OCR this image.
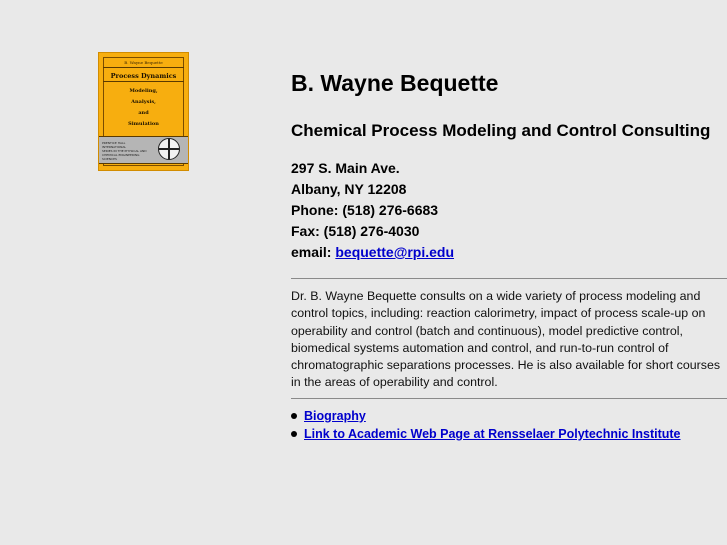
B. Wayne Bequette
Process Dynamics
Modeling,
Analysis,
and
Simulation
PRENTICE HALL INTERNATIONAL
SERIES IN THE PHYSICAL AND
CHEMICAL ENGINEERING SCIENCES
B. Wayne Bequette
Chemical Process Modeling and Control Consulting
297 S. Main Ave.
Albany, NY 12208
Phone: (518) 276-6683
Fax: (518) 276-4030
email: bequette@rpi.edu
Dr. B. Wayne Bequette consults on a wide variety of process modeling and control topics, including: reaction calorimetry, impact of process scale-up on operability and control (batch and continuous), model predictive control, biomedical systems automation and control, and run-to-run control of chromatographic separations processes. He is also available for short courses in the areas of operability and control.
Biography
Link to Academic Web Page at Rensselaer Polytechnic Institute
